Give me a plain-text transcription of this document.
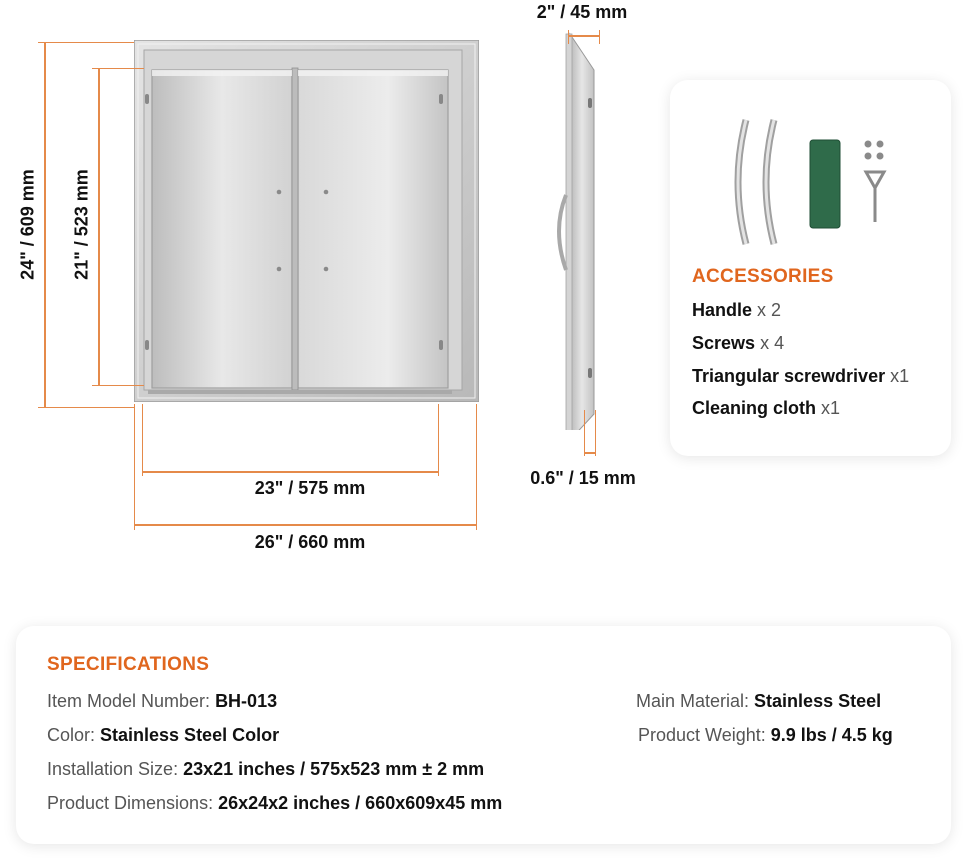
24" / 609 mm 21" / 523 mm
23" / 575 mm
26" / 660 mm
2" / 45 mm
0.6" / 15 mm
ACCESSORIES
Handle x 2
Screws x 4
Triangular screwdriver x1
Cleaning cloth x1
SPECIFICATIONS
Item Model Number: BH-013
Color: Stainless Steel Color
Installation Size: 23x21 inches / 575x523 mm ± 2 mm
Product Dimensions: 26x24x2 inches / 660x609x45 mm
Main Material: Stainless Steel
Product Weight: 9.9 lbs / 4.5 kg
